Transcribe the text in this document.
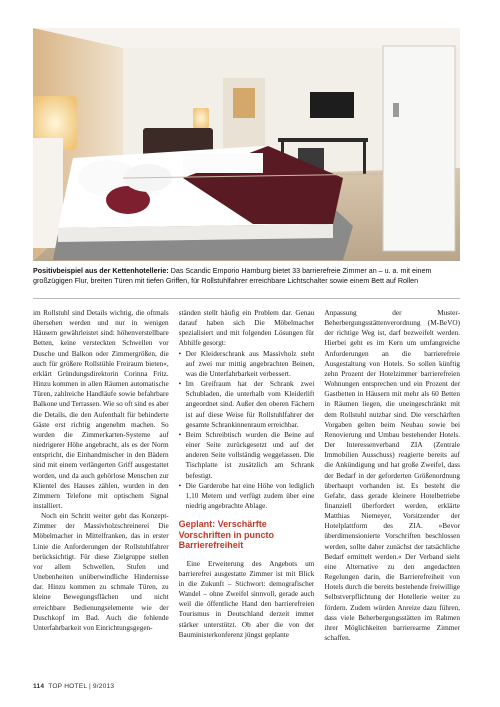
Positivbeispiel aus der Kettenhotellerie: Das Scandic Emporio Hamburg bietet 33 barrierefreie Zimmer an – u. a. mit einem großzügigen Flur, breiten Türen mit tiefen Griffen, für Rollstuhlfahrer erreichbare Lichtschalter sowie einem Bett auf Rollen

im Rollstuhl sind Details wichtig, die oftmals übersehen werden und nur in wenigen Häusern gewährleistet sind: höhenverstellbare Betten, keine versteckten Schwellen vor Dusche und Balkon oder Zimmergrößen, die auch für größere Rollstühle Freiraum bieten«, erklärt Gründungsdirektorin Corinna Fritz. Hinzu kommen in allen Räumen automatische Türen, zahlreiche Handläufe sowie befahrbare Balkone und Terrassen. Wie so oft sind es aber die Details, die den Aufenthalt für behinderte Gäste erst richtig angenehm machen. So wurden die Zimmerkarten-Systeme auf niedrigerer Höhe angebracht, als es der Norm entspricht, die Einhandmischer in den Bädern sind mit einem verlängerten Griff ausgestattet worden, und da auch gehörlose Menschen zur Klientel des Hauses zählen, wurden in den Zimmern Telefone mit optischem Signal installiert.

Noch ein Schritt weiter geht das Konzept-Zimmer der Massivholzschreinerei Die Möbelmacher in Mittelfranken, das in erster Linie die Anforderungen der Rollstuhlfahrer berücksichtigt. Für diese Zielgruppe stellen vor allem Schwellen, Stufen und Unebenheiten unüberwindliche Hindernisse dar. Hinzu kommen zu schmale Türen, zu kleine Bewegungsflächen und nicht erreichbare Bedienungselemente wie der Duschkopf im Bad. Auch die fehlende Unterfahrbarkeit von Einrichtungsgegen-

ständen stellt häufig ein Problem dar. Genau darauf haben sich Die Möbelmacher spezialisiert und mit folgenden Lösungen für Abhilfe gesorgt:

• Der Kleiderschrank aus Massivholz steht auf zwei nur mittig angebrachten Beinen, was die Unterfahrbarkeit verbessert.
• Im Greifraum hat der Schrank zwei Schubladen, die unterhalb vom Kleiderlift angeordnet sind. Außer den oberen Fächern ist auf diese Weise für Rollstuhlfahrer der gesamte Schrankinnenraum erreichbar.
• Beim Schreibtisch wurden die Beine auf einer Seite zurückgesetzt und auf der anderen Seite vollständig weggelassen. Die Tischplatte ist zusätzlich am Schrank befestigt.
• Die Garderobe hat eine Höhe von lediglich 1,10 Metern und verfügt zudem über eine niedrig angebrachte Ablage.
Geplant: Verschärfte Vorschriften in puncto Barrierefreiheit

Eine Erweiterung des Angebots um barrierefrei ausgestatte Zimmer ist mit Blick in die Zukunft – Stichwort: demografischer Wandel – ohne Zweifel sinnvoll, gerade auch weil die öffentliche Hand den barrierefreien Tourismus in Deutschland derzeit immer stärker unterstützt. Ob aber die von der Bauministerkonferenz jüngst geplante

Anpassung der Muster-Beherbergungsstättenverordnung (M-BeVO) der richtige Weg ist, darf bezweifelt werden. Hierbei geht es im Kern um umfangreiche Anforderungen an die barrierefreie Ausgestaltung von Hotels. So sollen künftig zehn Prozent der Hotelzimmer barrierefreien Wohnungen entsprechen und ein Prozent der Gastbetten in Häusern mit mehr als 60 Betten in Räumen liegen, die uneingeschränkt mit dem Rollstuhl nutzbar sind. Die verschärften Vorgaben gelten beim Neubau sowie bei Renovierung und Umbau bestehender Hotels. Der Interessenverband ZIA (Zentrale Immobilien Ausschuss) reagierte bereits auf die Ankündigung und hat große Zweifel, dass der Bedarf in der geforderten Größenordnung überhaupt vorhanden ist. Es besteht die Gefahr, dass gerade kleinere Hotelbetriebe finanziell überfordert werden, erklärte Matthias Niemeyer, Vorsitzender der Hotelplattform des ZIA. »Bevor überdimensionierte Vorschriften beschlossen werden, sollte daher zunächst der tatsächliche Bedarf ermittelt werden.« Der Verband sieht eine Alternative zu den angedachten Regelungen darin, die Barrierefreiheit von Hotels durch die bereits bestehende freiwillige Selbstverpflichtung der Hotellerie weiter zu fördern. Zudem würden Anreize dazu führen, dass viele Beherbergungsstätten im Rahmen ihrer Möglichkeiten barrierearme Zimmer schaffen.

114 TOP HOTEL | 9/2013
